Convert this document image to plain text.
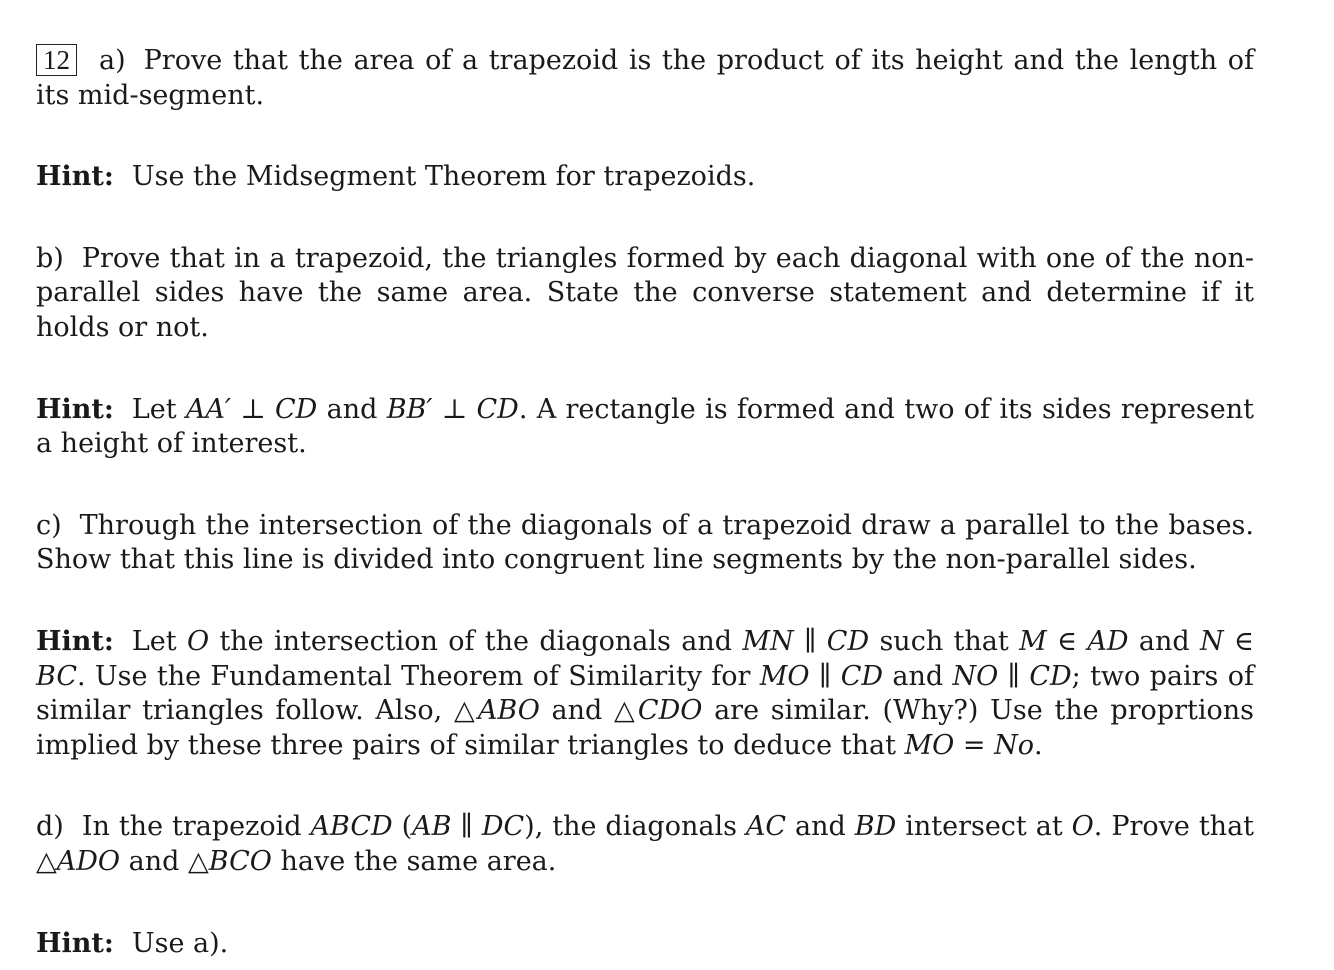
12 a) Prove that the area of a trapezoid is the product of its height and the length of its mid-segment.

Hint: Use the Midsegment Theorem for trapezoids.

b) Prove that in a trapezoid, the triangles formed by each diagonal with one of the non-parallel sides have the same area. State the converse statement and determine if it holds or not.

Hint: Let AA′ ⊥ CD and BB′ ⊥ CD. A rectangle is formed and two of its sides represent a height of interest.

c) Through the intersection of the diagonals of a trapezoid draw a parallel to the bases. Show that this line is divided into congruent line segments by the non-parallel sides.

Hint: Let O the intersection of the diagonals and MN ∥ CD such that M ∈ AD and N ∈ BC. Use the Fundamental Theorem of Similarity for MO ∥ CD and NO ∥ CD; two pairs of similar triangles follow. Also, △ABO and △CDO are similar. (Why?) Use the proprtions implied by these three pairs of similar triangles to deduce that MO = No.

d) In the trapezoid ABCD (AB ∥ DC), the diagonals AC and BD intersect at O. Prove that △ADO and △BCO have the same area.

Hint: Use a).
